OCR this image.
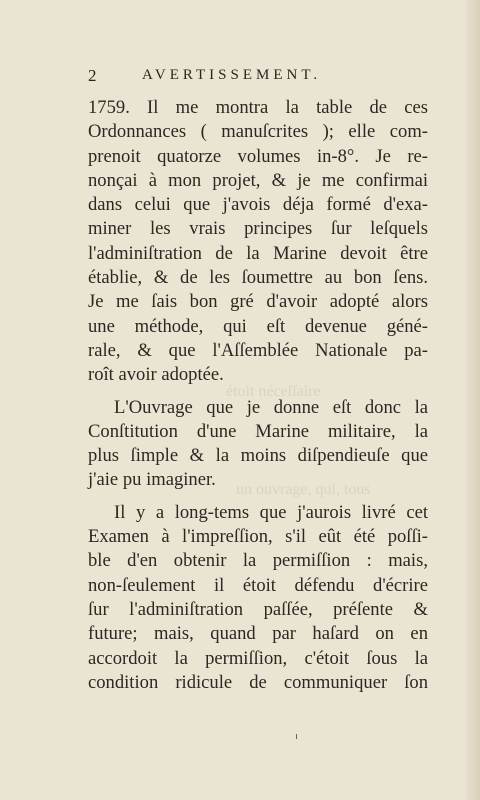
2	AVERTISSEMENT.
étoit néceſſaire
un ouvrage, qui, tous
1759. Il me montra la table de ces
Ordonnances ( manuſcrites ); elle com-
prenoit quatorze volumes in-8°. Je re-
nonçai à mon projet, & je me confirmai
dans celui que j'avois déja formé d'exa-
miner les vrais principes ſur leſquels
l'adminiſtration de la Marine devoit être
établie, & de les ſoumettre au bon ſens.
Je me ſais bon gré d'avoir adopté alors
une méthode, qui eſt devenue géné-
rale, & que l'Aſſemblée Nationale pa-
roît avoir adoptée.
L'Ouvrage que je donne eſt donc la
Conſtitution d'une Marine militaire, la
plus ſimple & la moins diſpendieuſe que
j'aie pu imaginer.
Il y a long-tems que j'aurois livré cet
Examen à l'impreſſion, s'il eût été poſſi-
ble d'en obtenir la permiſſion : mais,
non-ſeulement il étoit défendu d'écrire
ſur l'adminiſtration paſſée, préſente &
future; mais, quand par haſard on en
accordoit la permiſſion, c'étoit ſous la
condition ridicule de communiquer ſon
